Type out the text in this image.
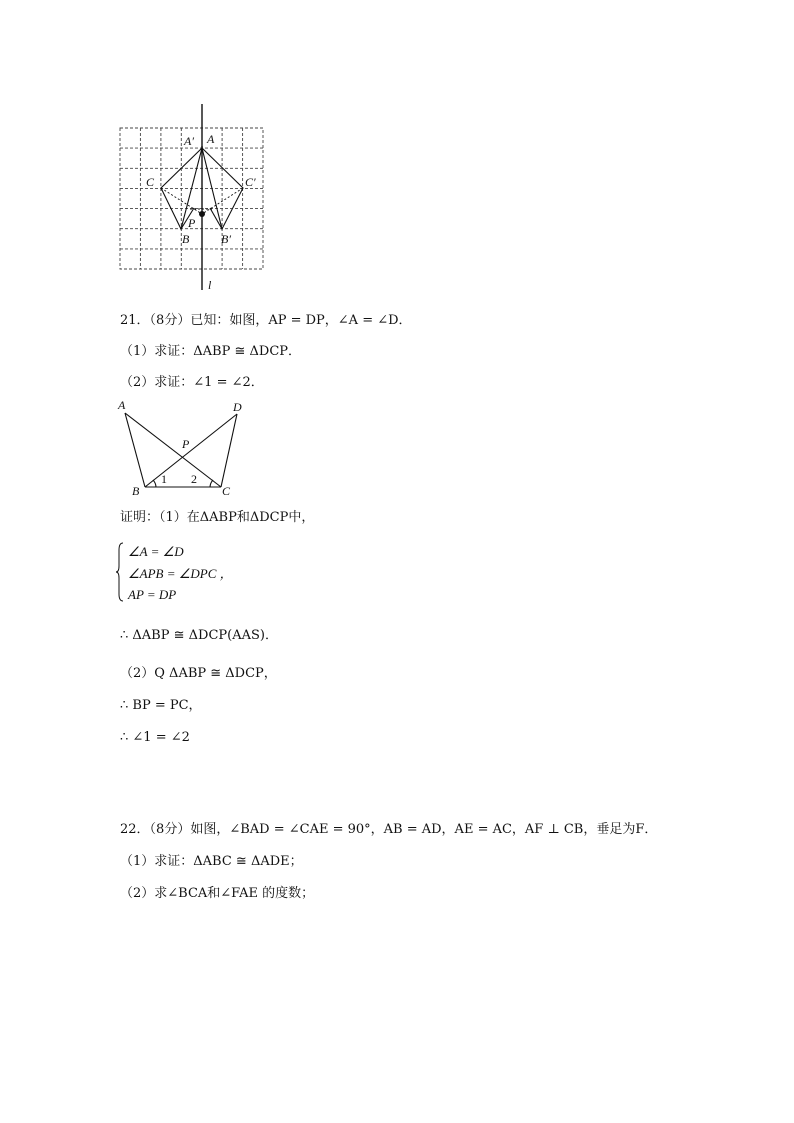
A′ A
C	C′
P
B	B′
l
21．（8分）已知：如图，AP = DP，∠A = ∠D．
（1）求证：ΔABP ≅ ΔDCP．
（2）求证：∠1 = ∠2．
A	D
P
B	C
1 2
证明：（1）在ΔABP和ΔDCP中，
∠A = ∠D
∠APB = ∠DPC ，
AP = DP
∴ ΔABP ≅ ΔDCP(AAS)．
（2）Q ΔABP ≅ ΔDCP，
∴ BP = PC，
∴ ∠1 = ∠2
22．（8分）如图，∠BAD = ∠CAE = 90°，AB = AD，AE = AC，AF ⊥ CB，垂足为F．
（1）求证：ΔABC ≅ ΔADE；
（2）求∠BCA和∠FAE 的度数；
